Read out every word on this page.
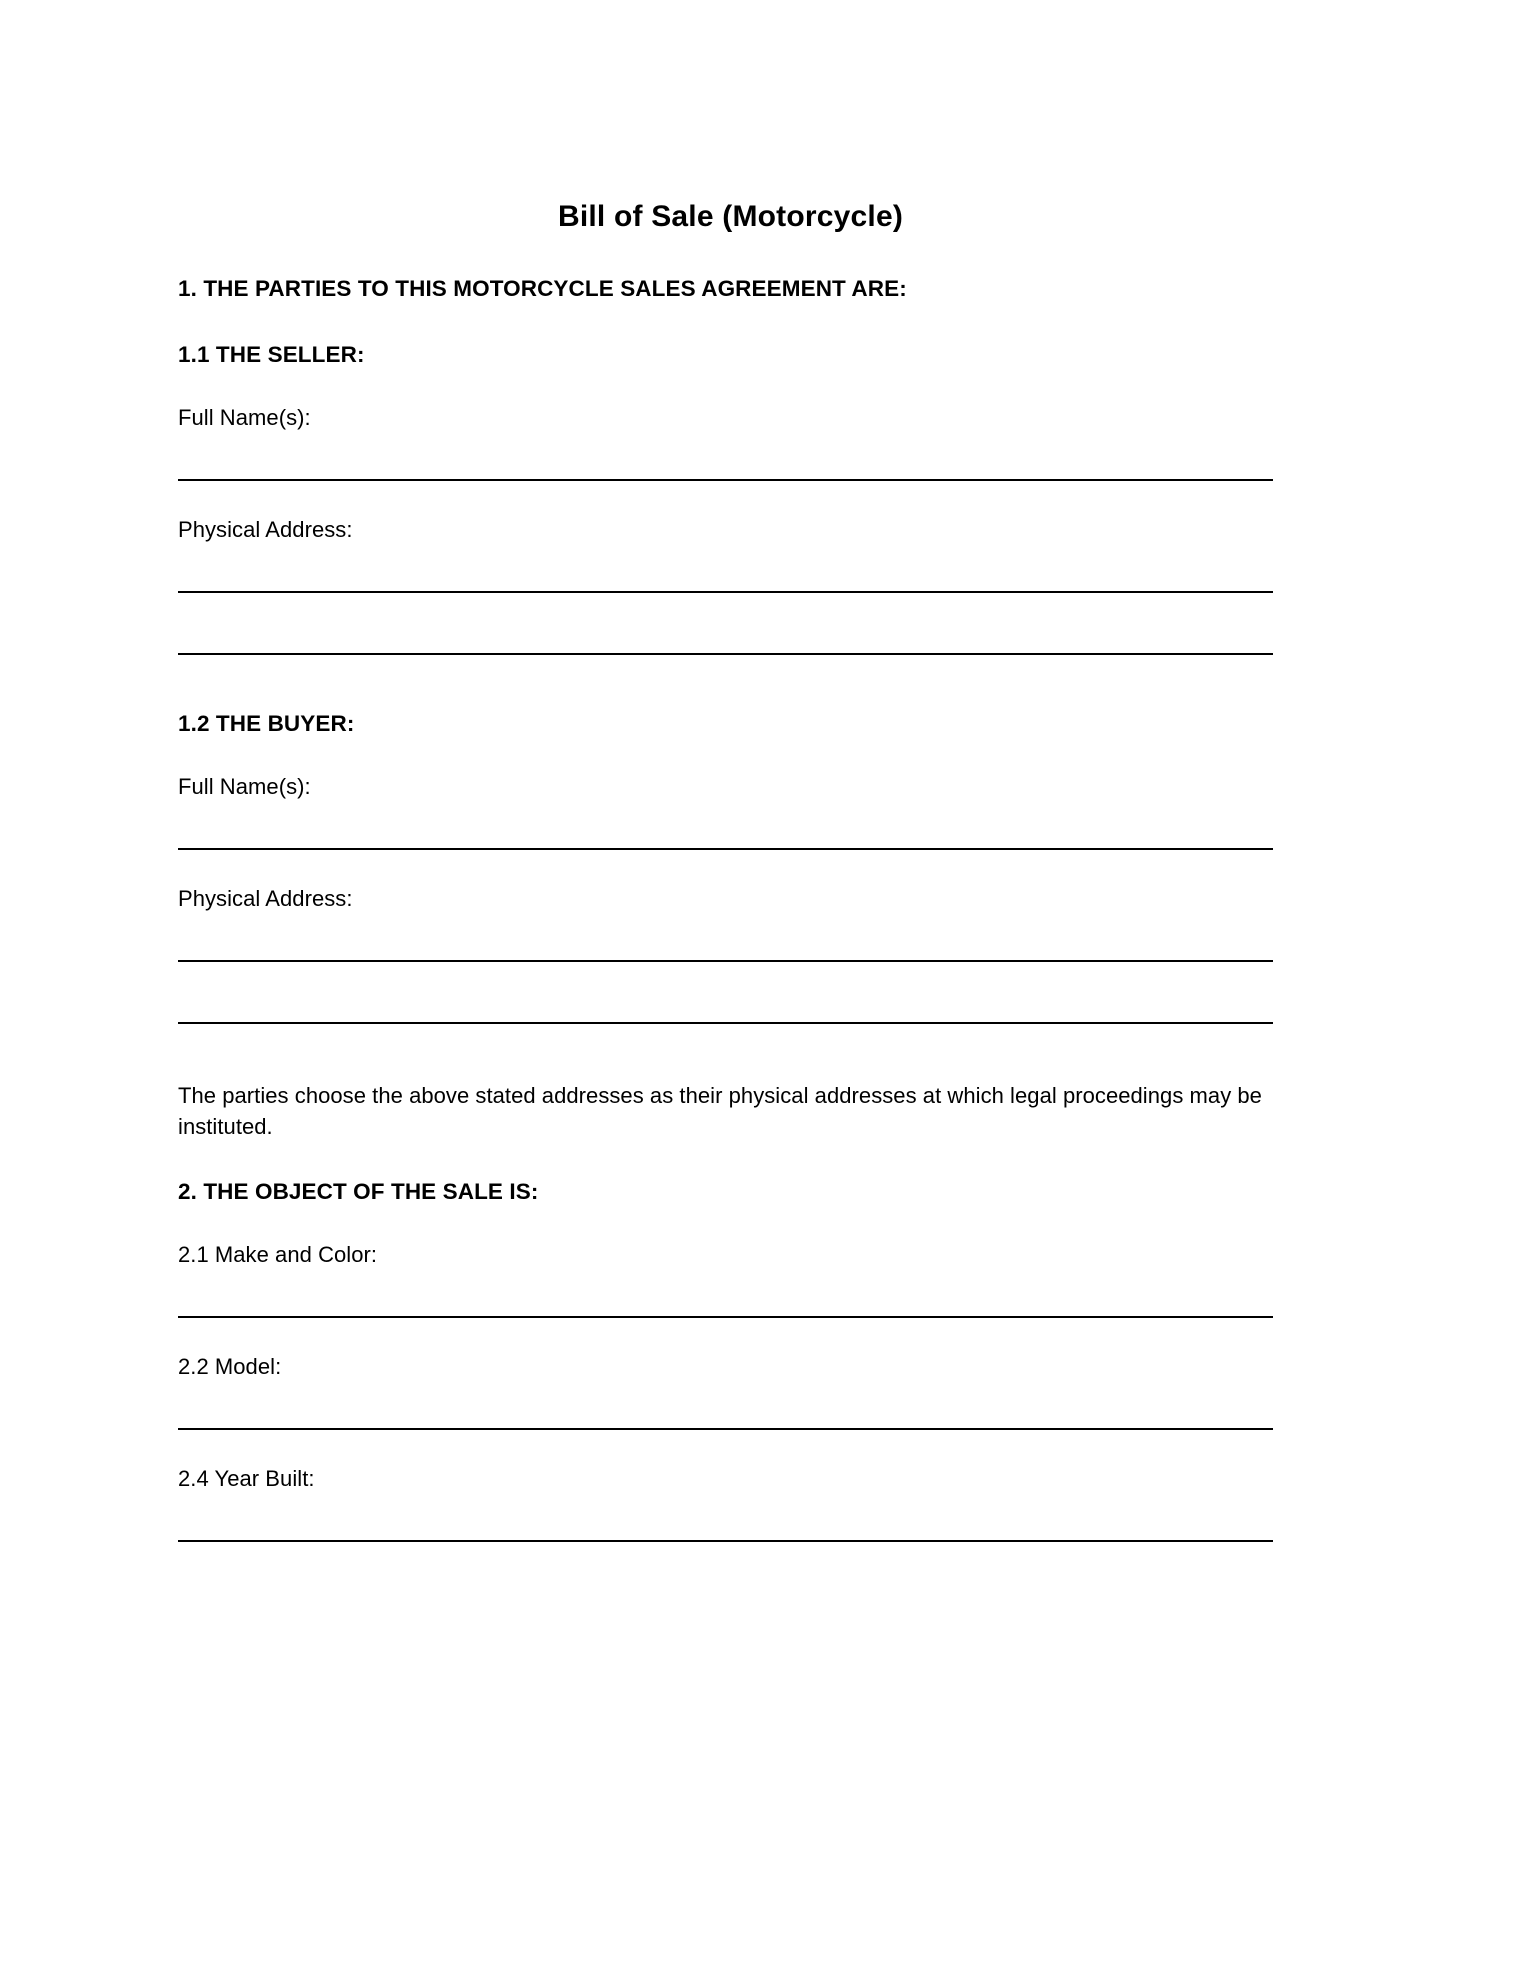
Bill of Sale (Motorcycle)
1. THE PARTIES TO THIS MOTORCYCLE SALES AGREEMENT ARE:
1.1 THE SELLER:
Full Name(s):
Physical Address:
1.2 THE BUYER:
Full Name(s):
Physical Address:
The parties choose the above stated addresses as their physical addresses at which legal proceedings may be instituted.
2. THE OBJECT OF THE SALE IS:
2.1 Make and Color:
2.2 Model:
2.4 Year Built:
